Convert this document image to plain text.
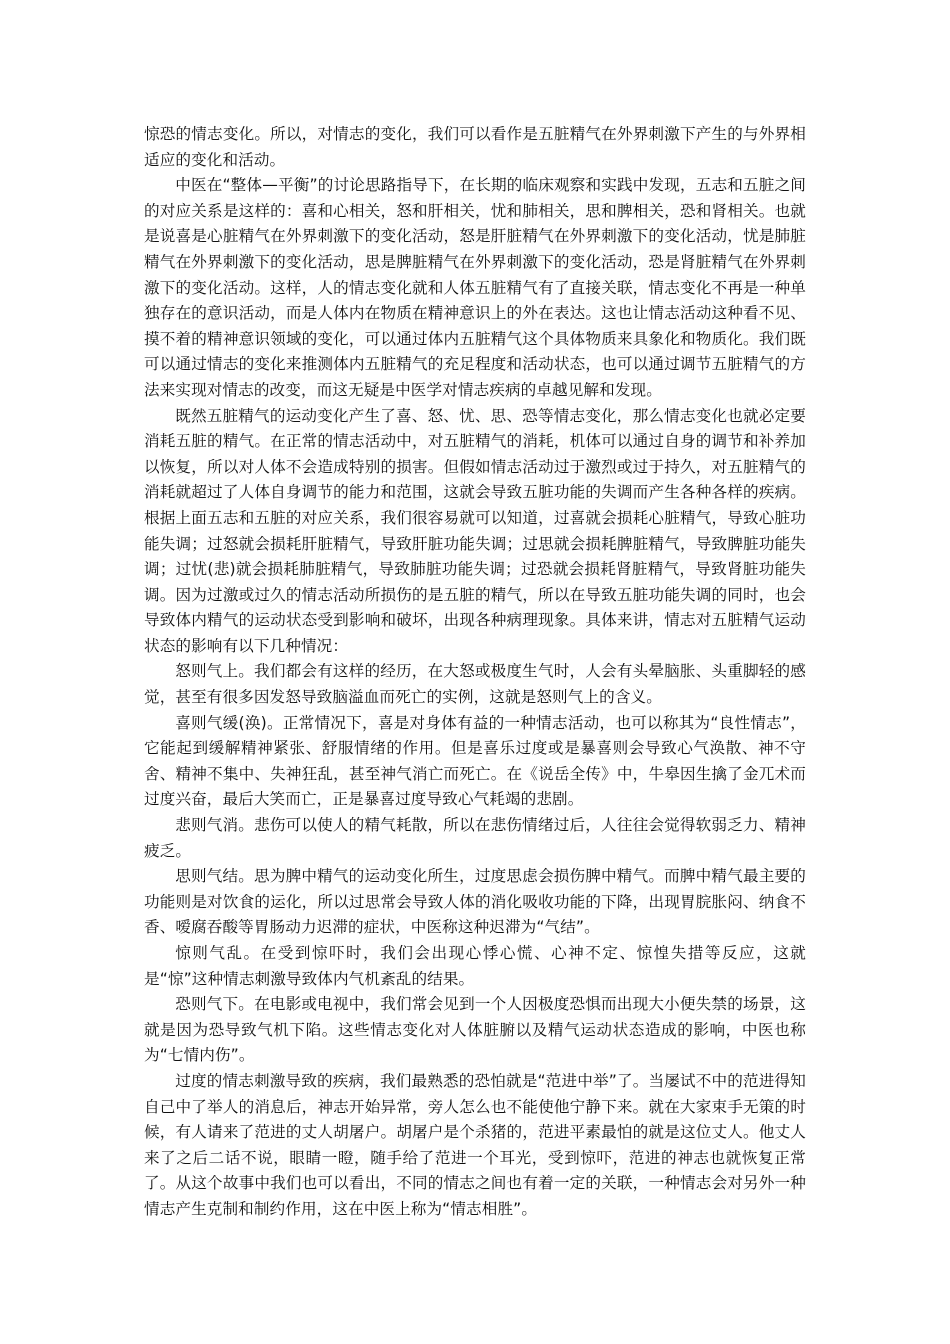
惊恐的情志变化。所以，对情志的变化，我们可以看作是五脏精气在外界刺激下产生的与外界相适应的变化和活动。

中医在“整体—平衡”的讨论思路指导下，在长期的临床观察和实践中发现，五志和五脏之间的对应关系是这样的：喜和心相关，怒和肝相关，忧和肺相关，思和脾相关，恐和肾相关。也就是说喜是心脏精气在外界刺激下的变化活动，怒是肝脏精气在外界刺激下的变化活动，忧是肺脏精气在外界刺激下的变化活动，思是脾脏精气在外界刺激下的变化活动，恐是肾脏精气在外界刺激下的变化活动。这样，人的情志变化就和人体五脏精气有了直接关联，情志变化不再是一种单独存在的意识活动，而是人体内在物质在精神意识上的外在表达。这也让情志活动这种看不见、摸不着的精神意识领域的变化，可以通过体内五脏精气这个具体物质来具象化和物质化。我们既可以通过情志的变化来推测体内五脏精气的充足程度和活动状态，也可以通过调节五脏精气的方法来实现对情志的改变，而这无疑是中医学对情志疾病的卓越见解和发现。

既然五脏精气的运动变化产生了喜、怒、忧、思、恐等情志变化，那么情志变化也就必定要消耗五脏的精气。在正常的情志活动中，对五脏精气的消耗，机体可以通过自身的调节和补养加以恢复，所以对人体不会造成特别的损害。但假如情志活动过于激烈或过于持久，对五脏精气的消耗就超过了人体自身调节的能力和范围，这就会导致五脏功能的失调而产生各种各样的疾病。根据上面五志和五脏的对应关系，我们很容易就可以知道，过喜就会损耗心脏精气，导致心脏功能失调；过怒就会损耗肝脏精气，导致肝脏功能失调；过思就会损耗脾脏精气，导致脾脏功能失调；过忧(悲)就会损耗肺脏精气，导致肺脏功能失调；过恐就会损耗肾脏精气，导致肾脏功能失调。因为过激或过久的情志活动所损伤的是五脏的精气，所以在导致五脏功能失调的同时，也会导致体内精气的运动状态受到影响和破坏，出现各种病理现象。具体来讲，情志对五脏精气运动状态的影响有以下几种情况：

怒则气上。我们都会有这样的经历，在大怒或极度生气时，人会有头晕脑胀、头重脚轻的感觉，甚至有很多因发怒导致脑溢血而死亡的实例，这就是怒则气上的含义。

喜则气缓(涣)。正常情况下，喜是对身体有益的一种情志活动，也可以称其为“良性情志”，它能起到缓解精神紧张、舒服情绪的作用。但是喜乐过度或是暴喜则会导致心气涣散、神不守舍、精神不集中、失神狂乱，甚至神气消亡而死亡。在《说岳全传》中，牛皋因生擒了金兀术而过度兴奋，最后大笑而亡，正是暴喜过度导致心气耗竭的悲剧。

悲则气消。悲伤可以使人的精气耗散，所以在悲伤情绪过后，人往往会觉得软弱乏力、精神疲乏。

思则气结。思为脾中精气的运动变化所生，过度思虑会损伤脾中精气。而脾中精气最主要的功能则是对饮食的运化，所以过思常会导致人体的消化吸收功能的下降，出现胃脘胀闷、纳食不香、嗳腐吞酸等胃肠动力迟滞的症状，中医称这种迟滞为“气结”。

惊则气乱。在受到惊吓时，我们会出现心悸心慌、心神不定、惊惶失措等反应，这就是“惊”这种情志刺激导致体内气机紊乱的结果。

恐则气下。在电影或电视中，我们常会见到一个人因极度恐惧而出现大小便失禁的场景，这就是因为恐导致气机下陷。这些情志变化对人体脏腑以及精气运动状态造成的影响，中医也称为“七情内伤”。

过度的情志刺激导致的疾病，我们最熟悉的恐怕就是“范进中举”了。当屡试不中的范进得知自己中了举人的消息后，神志开始异常，旁人怎么也不能使他宁静下来。就在大家束手无策的时候，有人请来了范进的丈人胡屠户。胡屠户是个杀猪的，范进平素最怕的就是这位丈人。他丈人来了之后二话不说，眼睛一瞪，随手给了范进一个耳光，受到惊吓，范进的神志也就恢复正常了。从这个故事中我们也可以看出，不同的情志之间也有着一定的关联，一种情志会对另外一种情志产生克制和制约作用，这在中医上称为“情志相胜”。
